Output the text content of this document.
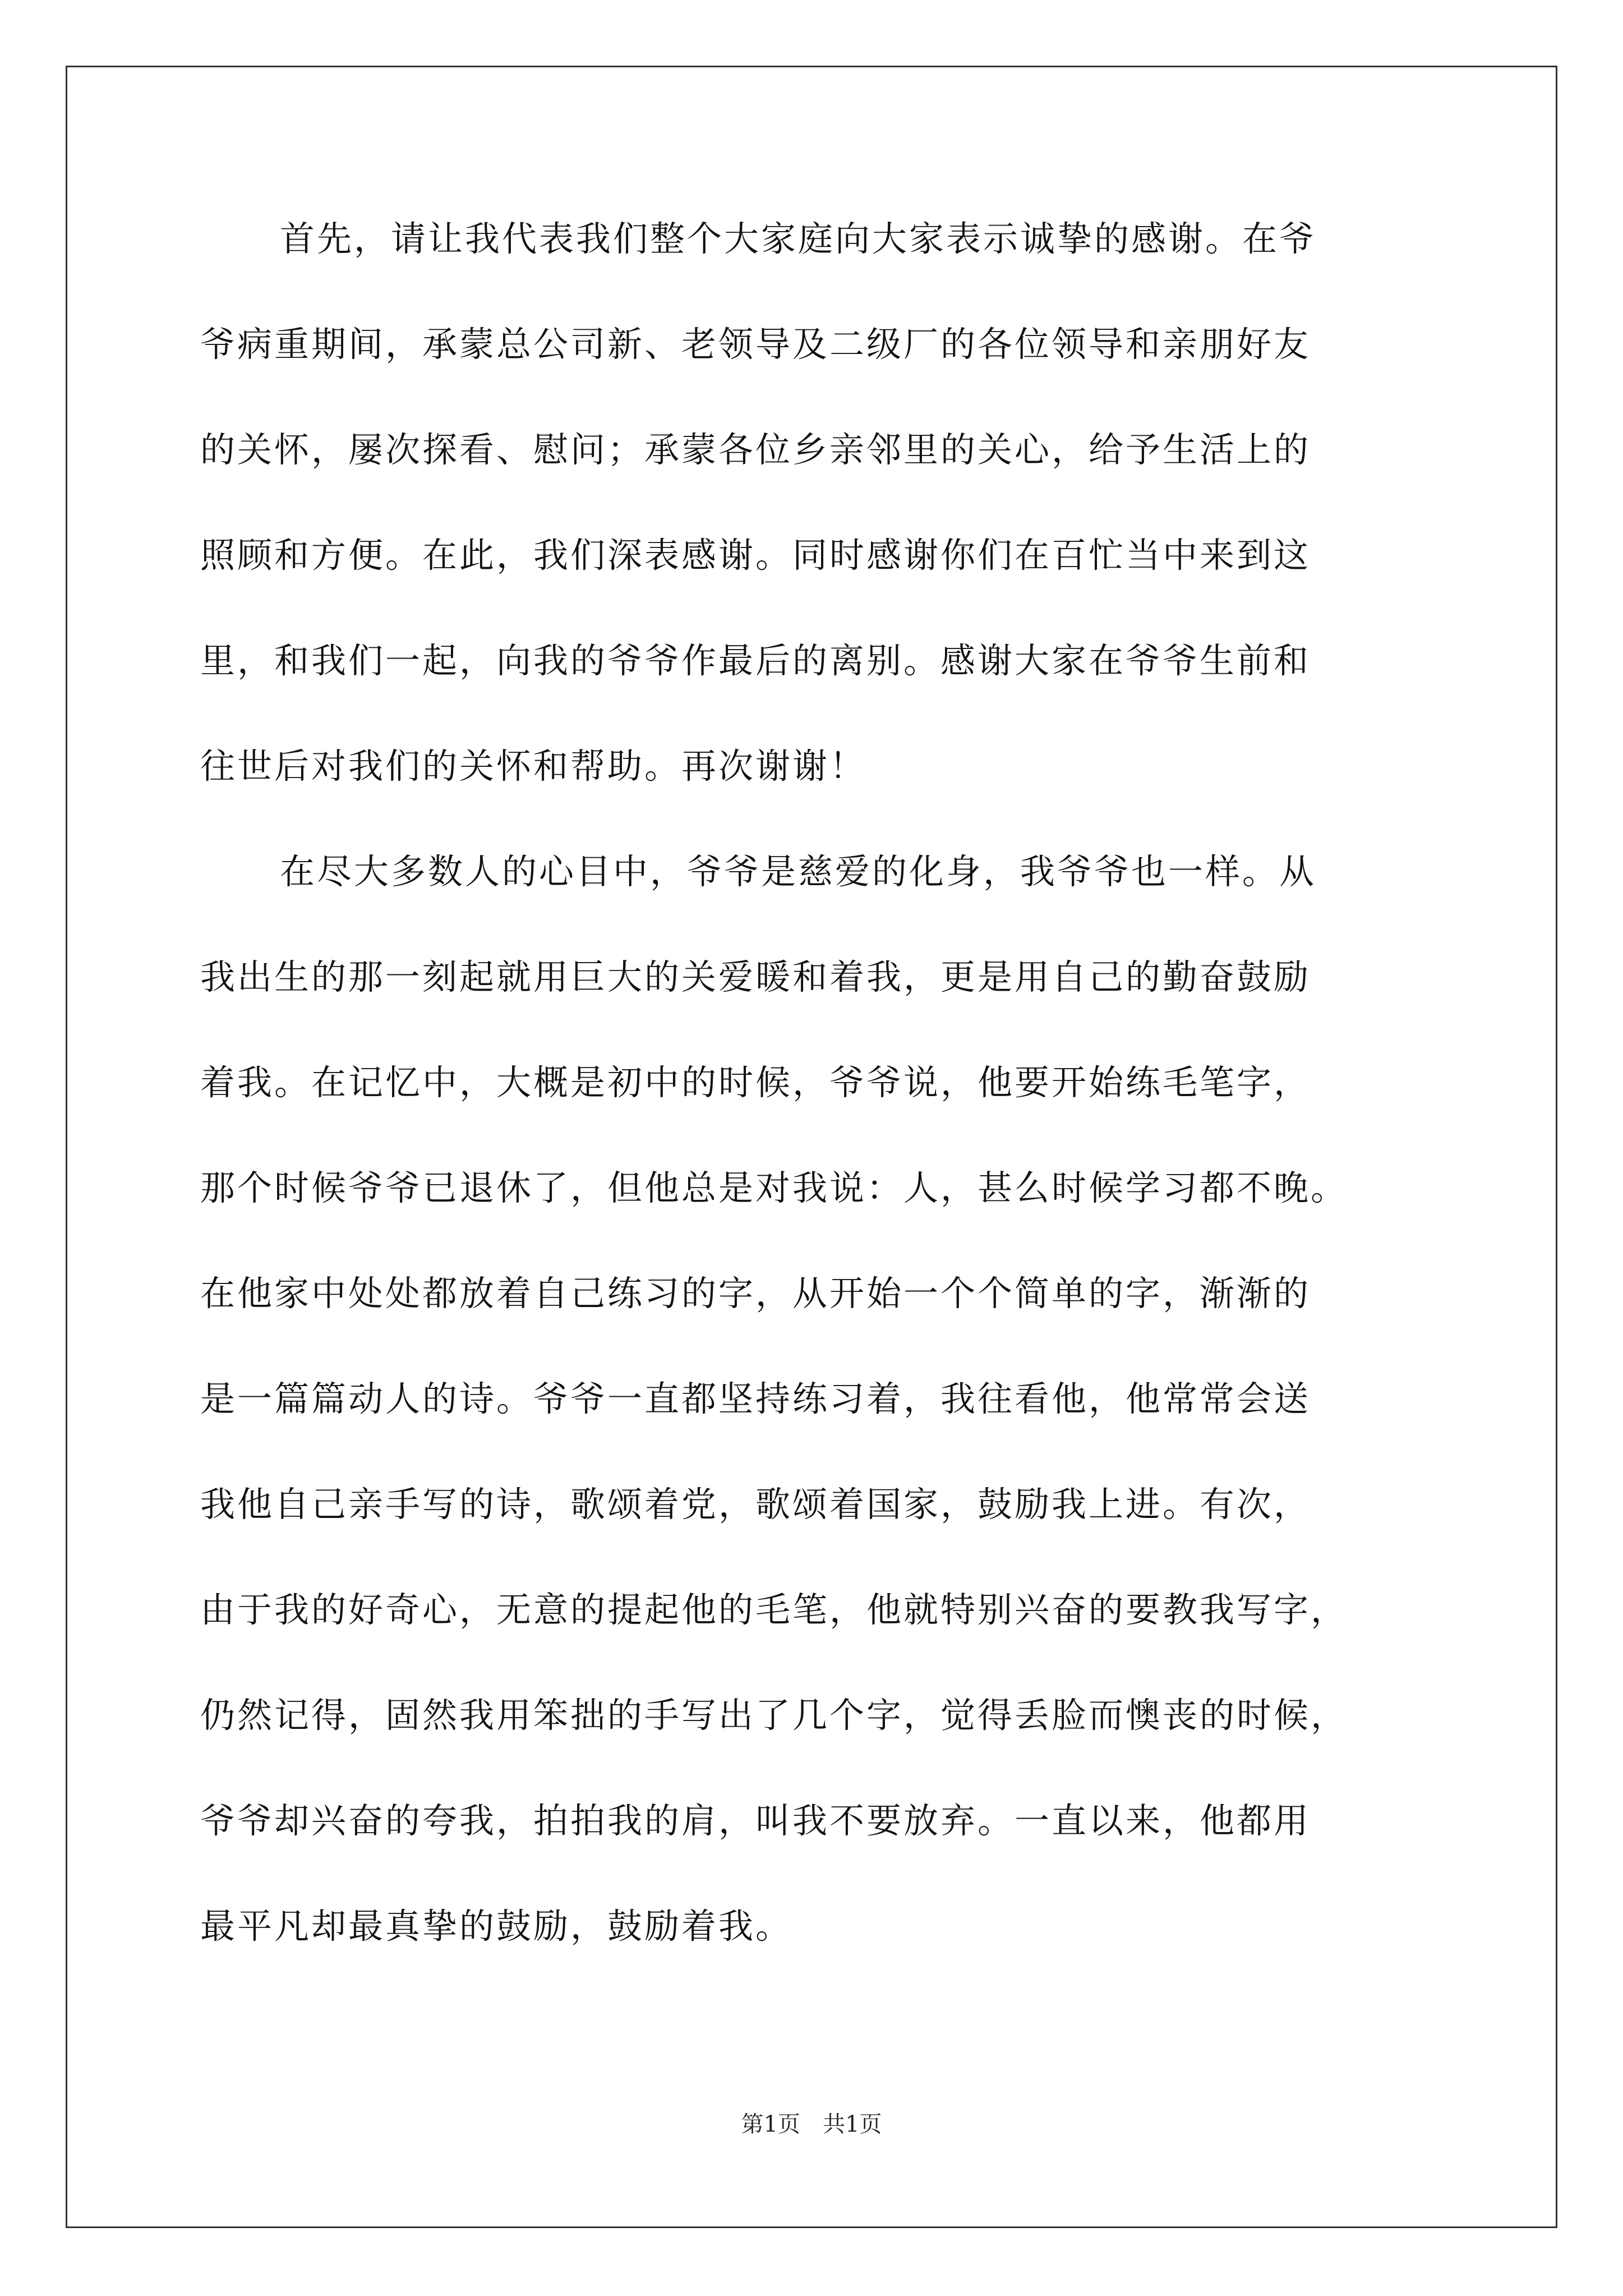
首先，请让我代表我们整个大家庭向大家表示诚挚的感谢。在爷
爷病重期间，承蒙总公司新、老领导及二级厂的各位领导和亲朋好友
的关怀，屡次探看、慰问；承蒙各位乡亲邻里的关心，给予生活上的
照顾和方便。在此，我们深表感谢。同时感谢你们在百忙当中来到这
里，和我们一起，向我的爷爷作最后的离别。感谢大家在爷爷生前和
往世后对我们的关怀和帮助。再次谢谢！
在尽大多数人的心目中，爷爷是慈爱的化身，我爷爷也一样。从
我出生的那一刻起就用巨大的关爱暖和着我，更是用自己的勤奋鼓励
着我。在记忆中，大概是初中的时候，爷爷说，他要开始练毛笔字，
那个时候爷爷已退休了，但他总是对我说：人，甚么时候学习都不晚。
在他家中处处都放着自己练习的字，从开始一个个简单的字，渐渐的
是一篇篇动人的诗。爷爷一直都坚持练习着，我往看他，他常常会送
我他自己亲手写的诗，歌颂着党，歌颂着国家，鼓励我上进。有次，
由于我的好奇心，无意的提起他的毛笔，他就特别兴奋的要教我写字，
仍然记得，固然我用笨拙的手写出了几个字，觉得丢脸而懊丧的时候，
爷爷却兴奋的夸我，拍拍我的肩，叫我不要放弃。一直以来，他都用
最平凡却最真挚的鼓励，鼓励着我。
第1页　共1页
